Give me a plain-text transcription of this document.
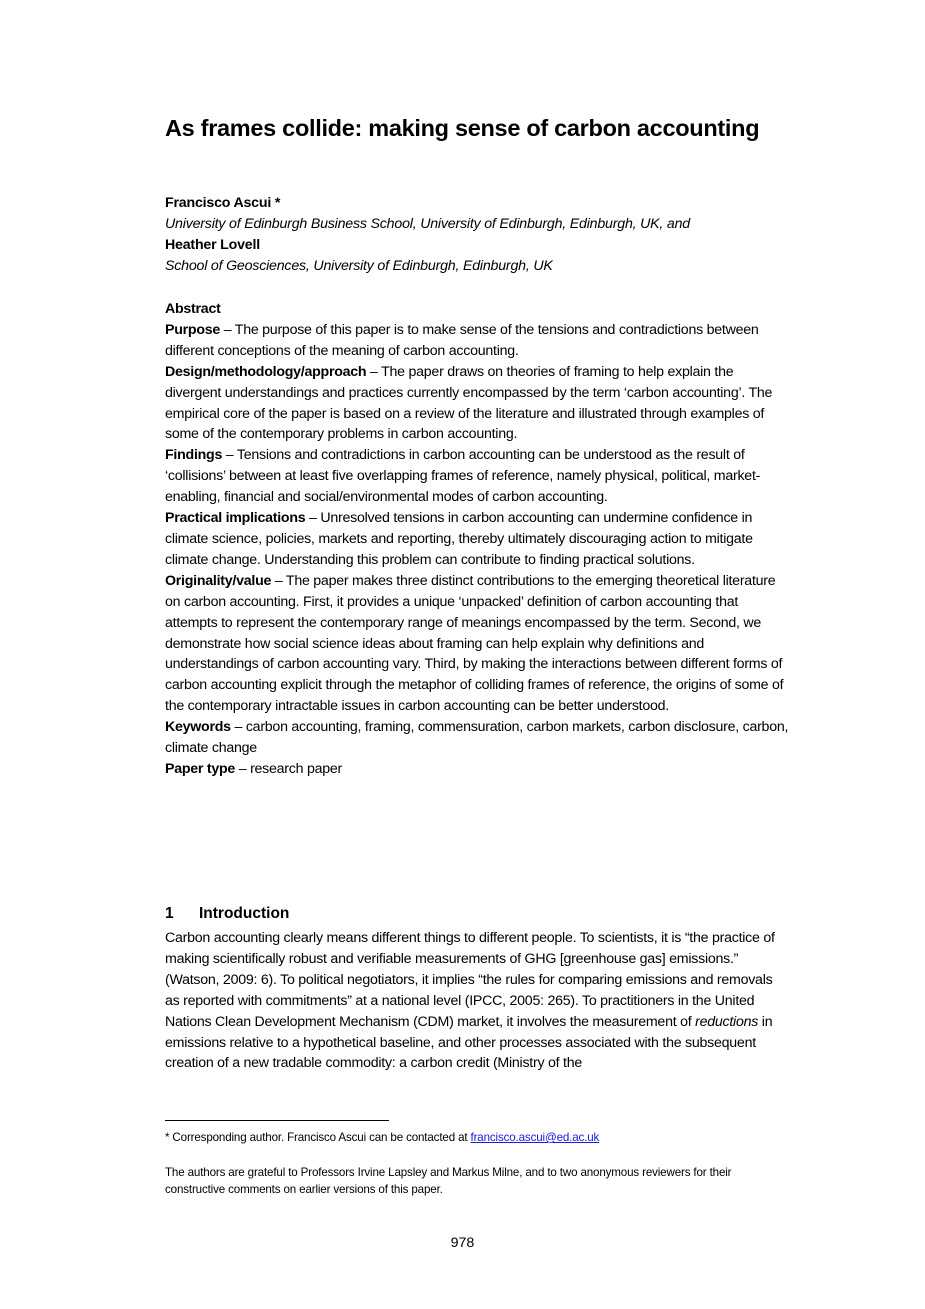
As frames collide: making sense of carbon accounting
Francisco Ascui *
University of Edinburgh Business School, University of Edinburgh, Edinburgh, UK, and
Heather Lovell
School of Geosciences, University of Edinburgh, Edinburgh, UK

Abstract

Purpose – The purpose of this paper is to make sense of the tensions and contradictions between different conceptions of the meaning of carbon accounting.

Design/methodology/approach – The paper draws on theories of framing to help explain the divergent understandings and practices currently encompassed by the term ‘carbon accounting’. The empirical core of the paper is based on a review of the literature and illustrated through examples of some of the contemporary problems in carbon accounting.

Findings – Tensions and contradictions in carbon accounting can be understood as the result of ‘collisions’ between at least five overlapping frames of reference, namely physical, political, market-enabling, financial and social/environmental modes of carbon accounting.

Practical implications – Unresolved tensions in carbon accounting can undermine confidence in climate science, policies, markets and reporting, thereby ultimately discouraging action to mitigate climate change. Understanding this problem can contribute to finding practical solutions.

Originality/value – The paper makes three distinct contributions to the emerging theoretical literature on carbon accounting. First, it provides a unique ‘unpacked’ definition of carbon accounting that attempts to represent the contemporary range of meanings encompassed by the term. Second, we demonstrate how social science ideas about framing can help explain why definitions and understandings of carbon accounting vary. Third, by making the interactions between different forms of carbon accounting explicit through the metaphor of colliding frames of reference, the origins of some of the contemporary intractable issues in carbon accounting can be better understood.

Keywords – carbon accounting, framing, commensuration, carbon markets, carbon disclosure, carbon, climate change

Paper type – research paper

1 Introduction

Carbon accounting clearly means different things to different people. To scientists, it is “the practice of making scientifically robust and verifiable measurements of GHG [greenhouse gas] emissions.” (Watson, 2009: 6). To political negotiators, it implies “the rules for comparing emissions and removals as reported with commitments” at a national level (IPCC, 2005: 265). To practitioners in the United Nations Clean Development Mechanism (CDM) market, it involves the measurement of reductions in emissions relative to a hypothetical baseline, and other processes associated with the subsequent creation of a new tradable commodity: a carbon credit (Ministry of the

* Corresponding author. Francisco Ascui can be contacted at francisco.ascui@ed.ac.uk

The authors are grateful to Professors Irvine Lapsley and Markus Milne, and to two anonymous reviewers for their constructive comments on earlier versions of this paper.

978
